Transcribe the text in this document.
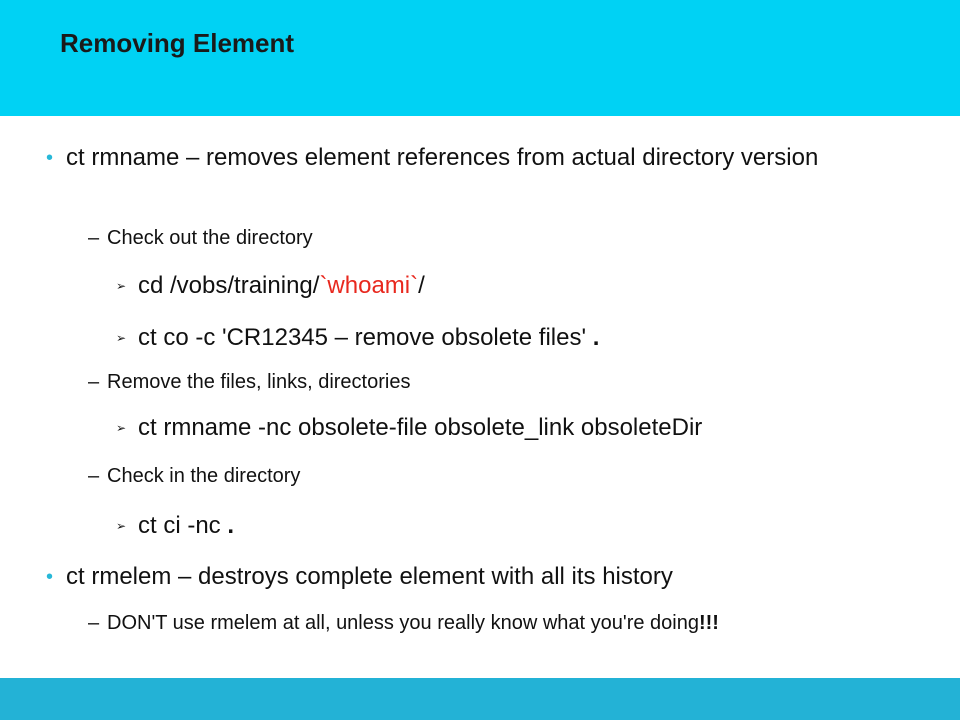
Removing Element
• ct rmname – removes element references from actual directory version
– Check out the directory
➢ cd /vobs/training/`whoami`/
➢ ct co -c 'CR12345 – remove obsolete files' .
– Remove the files, links, directories
➢ ct rmname -nc obsolete-file obsolete_link obsoleteDir
– Check in the directory
➢ ct ci -nc .
• ct rmelem – destroys complete element with all its history
– DON'T use rmelem at all, unless you really know what you're doing!!!
